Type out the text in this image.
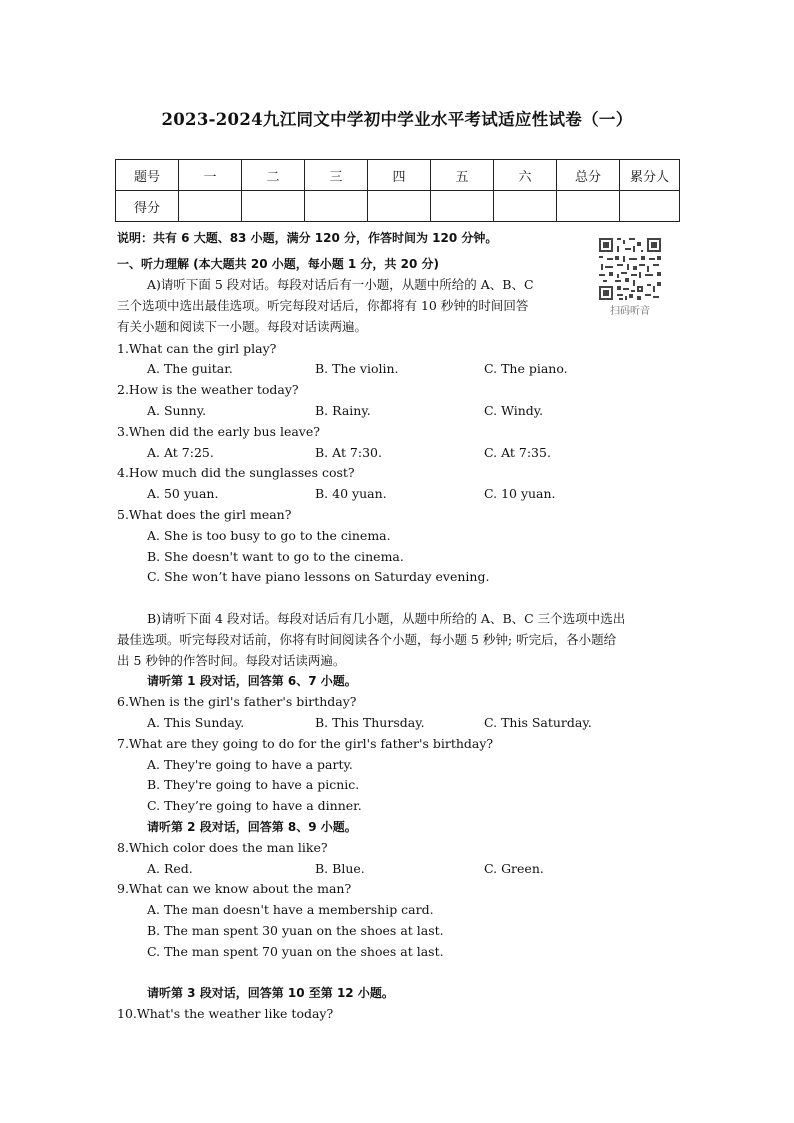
2023-2024九江同文中学初中学业水平考试适应性试卷（一）
题号	一	二	三	四	五	六	总分	累分人
得分								
说明：共有 6 大题、83 小题，满分 120 分，作答时间为 120 分钟。
一、听力理解 (本大题共 20 小题，每小题 1 分，共 20 分)
扫码听音
A)请听下面 5 段对话。每段对话后有一小题，从题中所给的 A、B、C
三个选项中选出最佳选项。听完每段对话后，你都将有 10 秒钟的时间回答
有关小题和阅读下一小题。每段对话读两遍。
1.What can the girl play?
A. The guitar.	B. The violin.	C. The piano.
2.How is the weather today?
A. Sunny.	B. Rainy.	C. Windy.
3.When did the early bus leave?
A. At 7:25.	B. At 7:30.	C. At 7:35.
4.How much did the sunglasses cost?
A. 50 yuan.	B. 40 yuan.	C. 10 yuan.
5.What does the girl mean?
A. She is too busy to go to the cinema.
B. She doesn't want to go to the cinema.
C. She won’t have piano lessons on Saturday evening.
B)请听下面 4 段对话。每段对话后有几小题，从题中所给的 A、B、C 三个选项中选出
最佳选项。听完每段对话前，你将有时间阅读各个小题，每小题 5 秒钟; 听完后，各小题给
出 5 秒钟的作答时间。每段对话读两遍。
请听第 1 段对话，回答第 6、7 小题。
6.When is the girl's father's birthday?
A. This Sunday.	B. This Thursday.	C. This Saturday.
7.What are they going to do for the girl's father's birthday?
A. They're going to have a party.
B. They're going to have a picnic.
C. They’re going to have a dinner.
请听第 2 段对话，回答第 8、9 小题。
8.Which color does the man like?
A. Red.	B. Blue.	C. Green.
9.What can we know about the man?
A. The man doesn't have a membership card.
B. The man spent 30 yuan on the shoes at last.
C. The man spent 70 yuan on the shoes at last.
请听第 3 段对话，回答第 10 至第 12 小题。
10.What's the weather like today?
